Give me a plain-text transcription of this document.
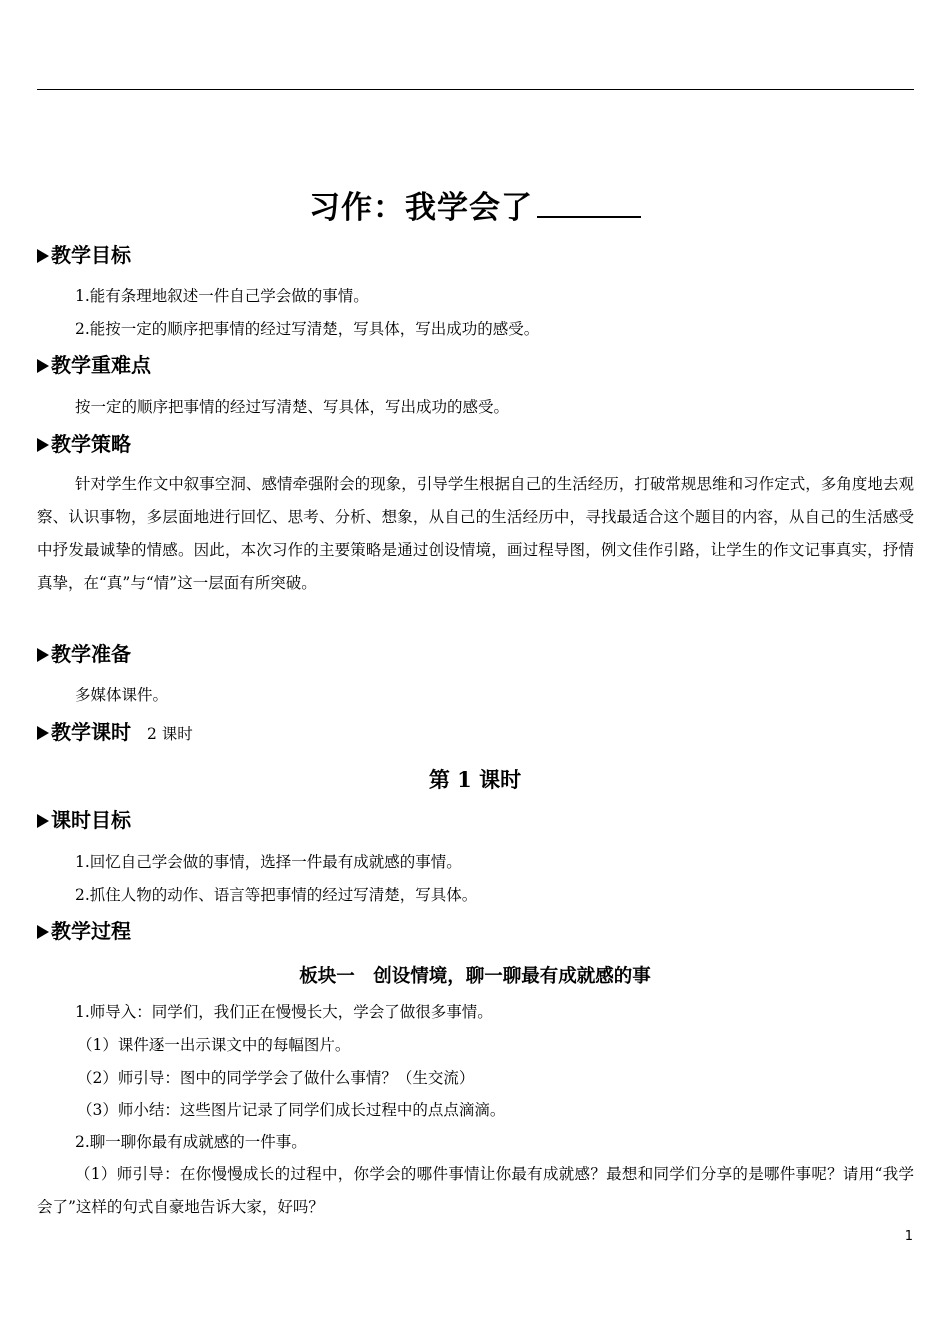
习作：我学会了
教学目标
1.能有条理地叙述一件自己学会做的事情。
2.能按一定的顺序把事情的经过写清楚，写具体，写出成功的感受。
教学重难点
按一定的顺序把事情的经过写清楚、写具体，写出成功的感受。
教学策略

针对学生作文中叙事空洞、感情牵强附会的现象，引导学生根据自己的生活经历，打破常规思维和习作定式，多角度地去观察、认识事物，多层面地进行回忆、思考、分析、想象，从自己的生活经历中，寻找最适合这个题目的内容，从自己的生活感受中抒发最诚挚的情感。因此，本次习作的主要策略是通过创设情境，画过程导图，例文佳作引路，让学生的作文记事真实，抒情真挚，在“真”与“情”这一层面有所突破。

教学准备
多媒体课件。
教学课时 2 课时
第 1 课时
课时目标
1.回忆自己学会做的事情，选择一件最有成就感的事情。
2.抓住人物的动作、语言等把事情的经过写清楚，写具体。
教学过程
板块一　创设情境，聊一聊最有成就感的事
1.师导入：同学们，我们正在慢慢长大，学会了做很多事情。
（1）课件逐一出示课文中的每幅图片。
（2）师引导：图中的同学学会了做什么事情？（生交流）
（3）师小结：这些图片记录了同学们成长过程中的点点滴滴。
2.聊一聊你最有成就感的一件事。

（1）师引导：在你慢慢成长的过程中，你学会的哪件事情让你最有成就感？最想和同学们分享的是哪件事呢？请用“我学会了”这样的句式自豪地告诉大家，好吗？

1
